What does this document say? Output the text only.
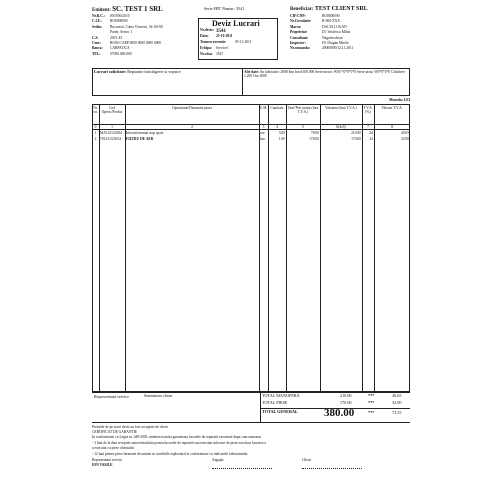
Emitent: SC. TEST 1 SRL
Nr.R.C.: J00/000/2010
C.I.F.: RO0000000
Sediu: Bucuresti, Calea Victoriei, Nr. 00-00
Parter, Sector 1
C.S.	200 LEI
Cont:	RO00 CARP 0000 0000 0000 0000
Banca: CARPATICA
TEL:	07000.000.000
Serie FRT Numar: 3541
Deviz Lucrari
Nr.deviz: 3541
Data: 25-10-2011
Termen executie: 05-11-2011
Echipa: Service1
Nr.cdsa: 3547
Beneficiar: TEST CLIENT SRL
CIF/CNP:	RO0000000
Nr.Circulatie:	B-000-XXX
Marca:	DACIA LOGAN
Proprietar:	Dl. Vasilescu Mihai
Consultant:	Nagavitschian
Inspector:	Dl. Dragan Mirela
Nr.comanda:	20000000/12.11.2011
Lucrari solicitate: Reparatie tinichigerie si vopsire	Alte date: An fabricatie: 2008 Km bord:100.000 Serie motor: W00 *0*0*0*0 Serie sasiu: W0*0*0*0 Cilindree: 1.200 Ore:1000
Moneda: LEI
Nr. crt.
Cod Opera./Produs
Operatiune/Denumire piesa	U.M. Cantitate	Tarif/Pret unitar (fara T.V.A.)
Valoarea (fara T.V.A.)	T.V.A. (%)
Valoare T.V.A.
0	1	2	3	4	5	6(4x5)	7	8
1	MA123123654	Inlocuit/montat stop spate	ore	3.00	70.00	210.00	24	40.65
2	78123/321654	FILTRU DE AER	buc	1.00	170.00	170.00	24	32.90
Reprezentant service	Semnatura client	TOTAL MANOPERA	210.00	***	40.65
TOTAL PIESE	170.00	***	32.90
TOTAL GENERAL 380.00	***	73.55
Preturile de pe acest deviz au fost acceptate de client.
CERTIFICAT DE GARANTIE
In conformitate cu Legea nr. 449/2003, unitatea noastra garanteaza lucrarile de reparatii executate dupa cum urmeaza:
- 3 luni de la data receptiei autovehiculului pentru lucrarile de reparatii sau executat inlocuiri de piese sau daca lucrarea a
a executat cu piese clientului;
- 12 luni pentru piese furnizate de unitate in conditiile exploatarii in conformitate cu indicatiile fabricantului.
Reprezentant service	Angajat:	Client
ION VASILE
